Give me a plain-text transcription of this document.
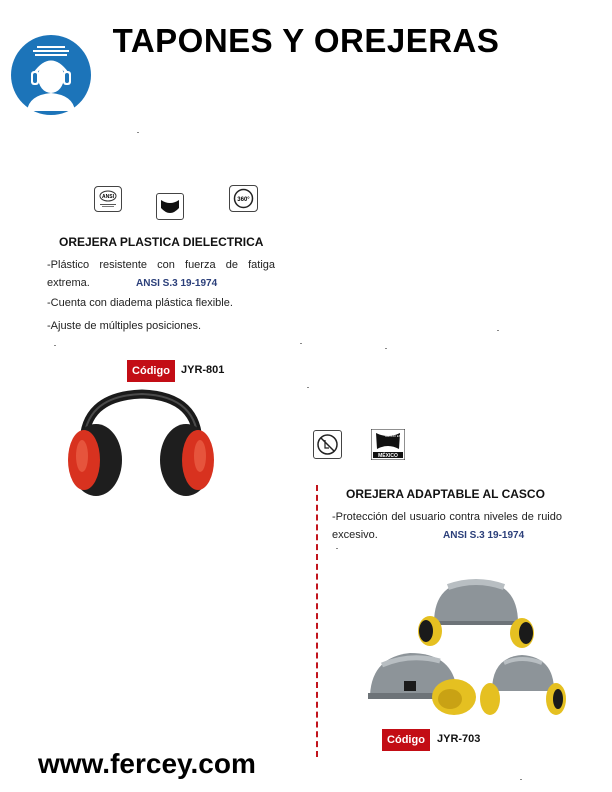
TAPONES Y OREJERAS
ANSI	360°
OREJERA PLASTICA DIELECTRICA
-Plástico resistente con fuerza de fatiga extrema.	ANSI S.3 19-1974
-Cuenta con diadema plástica flexible.
-Ajuste de múltiples posiciones.
Código	JYR-801
HECHO EN
MÉXICO
OREJERA ADAPTABLE AL CASCO
-Protección del usuario contra niveles de ruido excesivo.	ANSI S.3 19-1974
Código	JYR-703
www.fercey.com
